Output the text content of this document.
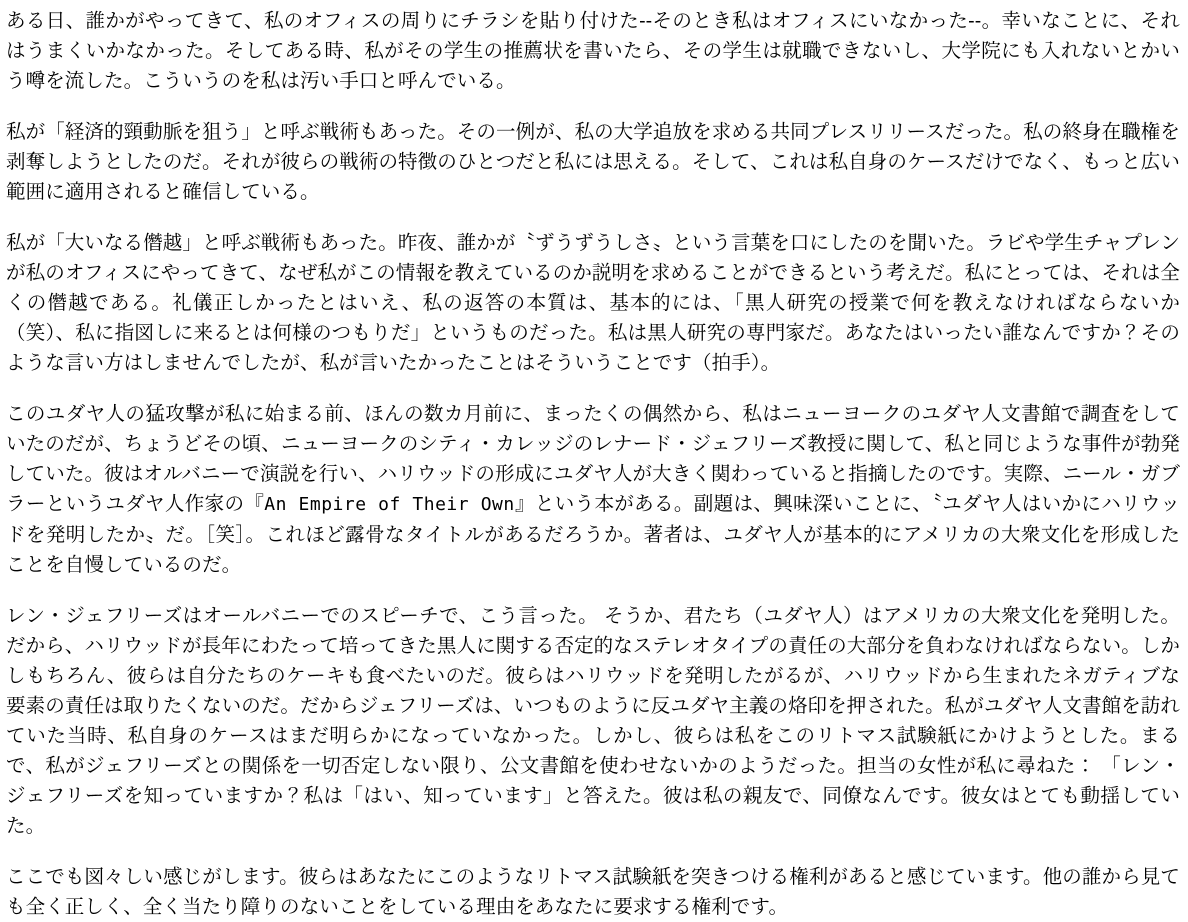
ある日、誰かがやってきて、私のオフィスの周りにチラシを貼り付けた--そのとき私はオフィスにいなかった--。幸いなことに、それはうまくいかなかった。そしてある時、私がその学生の推薦状を書いたら、その学生は就職できないし、大学院にも入れないとかいう噂を流した。こういうのを私は汚い手口と呼んでいる。

私が「経済的頸動脈を狙う」と呼ぶ戦術もあった。その一例が、私の大学追放を求める共同プレスリリースだった。私の終身在職権を剥奪しようとしたのだ。それが彼らの戦術の特徴のひとつだと私には思える。そして、これは私自身のケースだけでなく、もっと広い範囲に適用されると確信している。

私が「大いなる僭越」と呼ぶ戦術もあった。昨夜、誰かが〝ずうずうしさ〟という言葉を口にしたのを聞いた。ラビや学生チャプレンが私のオフィスにやってきて、なぜ私がこの情報を教えているのか説明を求めることができるという考えだ。私にとっては、それは全くの僭越である。礼儀正しかったとはいえ、私の返答の本質は、基本的には、「黒人研究の授業で何を教えなければならないか（笑）、私に指図しに来るとは何様のつもりだ」というものだった。私は黒人研究の専門家だ。あなたはいったい誰なんですか？そのような言い方はしませんでしたが、私が言いたかったことはそういうことです（拍手）。

このユダヤ人の猛攻撃が私に始まる前、ほんの数カ月前に、まったくの偶然から、私はニューヨークのユダヤ人文書館で調査をしていたのだが、ちょうどその頃、ニューヨークのシティ・カレッジのレナード・ジェフリーズ教授に関して、私と同じような事件が勃発していた。彼はオルバニーで演説を行い、ハリウッドの形成にユダヤ人が大きく関わっていると指摘したのです。実際、ニール・ガブラーというユダヤ人作家の『An Empire of Their Own』という本がある。副題は、興味深いことに、〝ユダヤ人はいかにハリウッドを発明したか〟だ。［笑］。これほど露骨なタイトルがあるだろうか。著者は、ユダヤ人が基本的にアメリカの大衆文化を形成したことを自慢しているのだ。

レン・ジェフリーズはオールバニーでのスピーチで、こう言った。 そうか、君たち（ユダヤ人）はアメリカの大衆文化を発明した。だから、ハリウッドが長年にわたって培ってきた黒人に関する否定的なステレオタイプの責任の大部分を負わなければならない。しかしもちろん、彼らは自分たちのケーキも食べたいのだ。彼らはハリウッドを発明したがるが、ハリウッドから生まれたネガティブな要素の責任は取りたくないのだ。だからジェフリーズは、いつものように反ユダヤ主義の烙印を押された。私がユダヤ人文書館を訪れていた当時、私自身のケースはまだ明らかになっていなかった。しかし、彼らは私をこのリトマス試験紙にかけようとした。まるで、私がジェフリーズとの関係を一切否定しない限り、公文書館を使わせないかのようだった。担当の女性が私に尋ねた： 「レン・ジェフリーズを知っていますか？私は「はい、知っています」と答えた。彼は私の親友で、同僚なんです。彼女はとても動揺していた。

ここでも図々しい感じがします。彼らはあなたにこのようなリトマス試験紙を突きつける権利があると感じています。他の誰から見ても全く正しく、全く当たり障りのないことをしている理由をあなたに要求する権利です。
